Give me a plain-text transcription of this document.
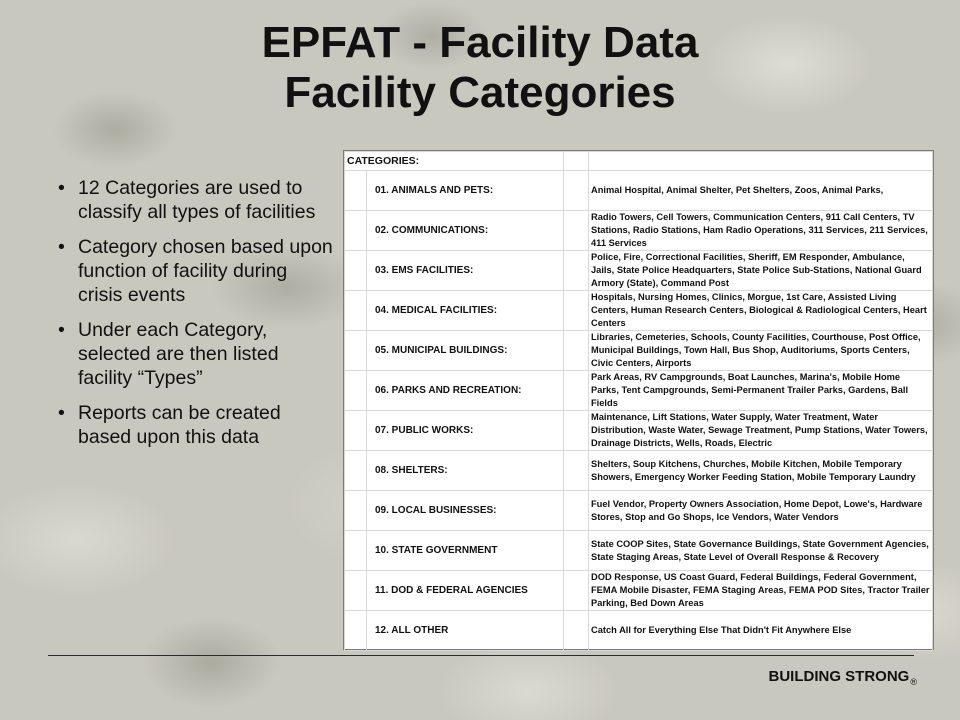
EPFAT - Facility Data
Facility Categories
• 12 Categories are used to classify all types of facilities
• Category chosen based upon function of facility during crisis events
• Under each Category, selected are then listed facility “Types”
• Reports can be created based upon this data
CATEGORIES:			
	01. ANIMALS AND PETS:		Animal Hospital, Animal Shelter, Pet Shelters, Zoos, Animal Parks,

	02. COMMUNICATIONS:		Radio Towers, Cell Towers, Communication Centers, 911 Call Centers, TV Stations, Radio Stations, Ham Radio Operations, 311 Services, 211 Services, 411 Services

	03. EMS FACILITIES:		Police, Fire, Correctional Facilities, Sheriff, EM Responder, Ambulance, Jails, State Police Headquarters, State Police Sub-Stations, National Guard Armory (State), Command Post

	04. MEDICAL FACILITIES:		Hospitals, Nursing Homes, Clinics, Morgue, 1st Care, Assisted Living Centers, Human Research Centers, Biological & Radiological Centers, Heart Centers

	05. MUNICIPAL BUILDINGS:		Libraries, Cemeteries, Schools, County Facilities, Courthouse, Post Office, Municipal Buildings, Town Hall, Bus Shop, Auditoriums, Sports Centers, Civic Centers, Airports

	06. PARKS AND RECREATION:		Park Areas, RV Campgrounds, Boat Launches, Marina's, Mobile Home Parks, Tent Campgrounds, Semi-Permanent Trailer Parks, Gardens, Ball Fields

	07. PUBLIC WORKS:		Maintenance, Lift Stations, Water Supply, Water Treatment, Water Distribution, Waste Water, Sewage Treatment, Pump Stations, Water Towers, Drainage Districts, Wells, Roads, Electric

	08. SHELTERS:		Shelters, Soup Kitchens, Churches, Mobile Kitchen, Mobile Temporary Showers, Emergency Worker Feeding Station, Mobile Temporary Laundry

	09. LOCAL BUSINESSES:		Fuel Vendor, Property Owners Association, Home Depot, Lowe's, Hardware Stores, Stop and Go Shops, Ice Vendors, Water Vendors

	10. STATE GOVERNMENT		State COOP Sites, State Governance Buildings, State Government Agencies, State Staging Areas, State Level of Overall Response & Recovery

	11. DOD & FEDERAL AGENCIES		DOD Response, US Coast Guard, Federal Buildings, Federal Government, FEMA Mobile Disaster, FEMA Staging Areas, FEMA POD Sites, Tractor Trailer Parking, Bed Down Areas

	12. ALL OTHER		Catch All for Everything Else That Didn't Fit Anywhere Else
BUILDING $STRONG_®$
